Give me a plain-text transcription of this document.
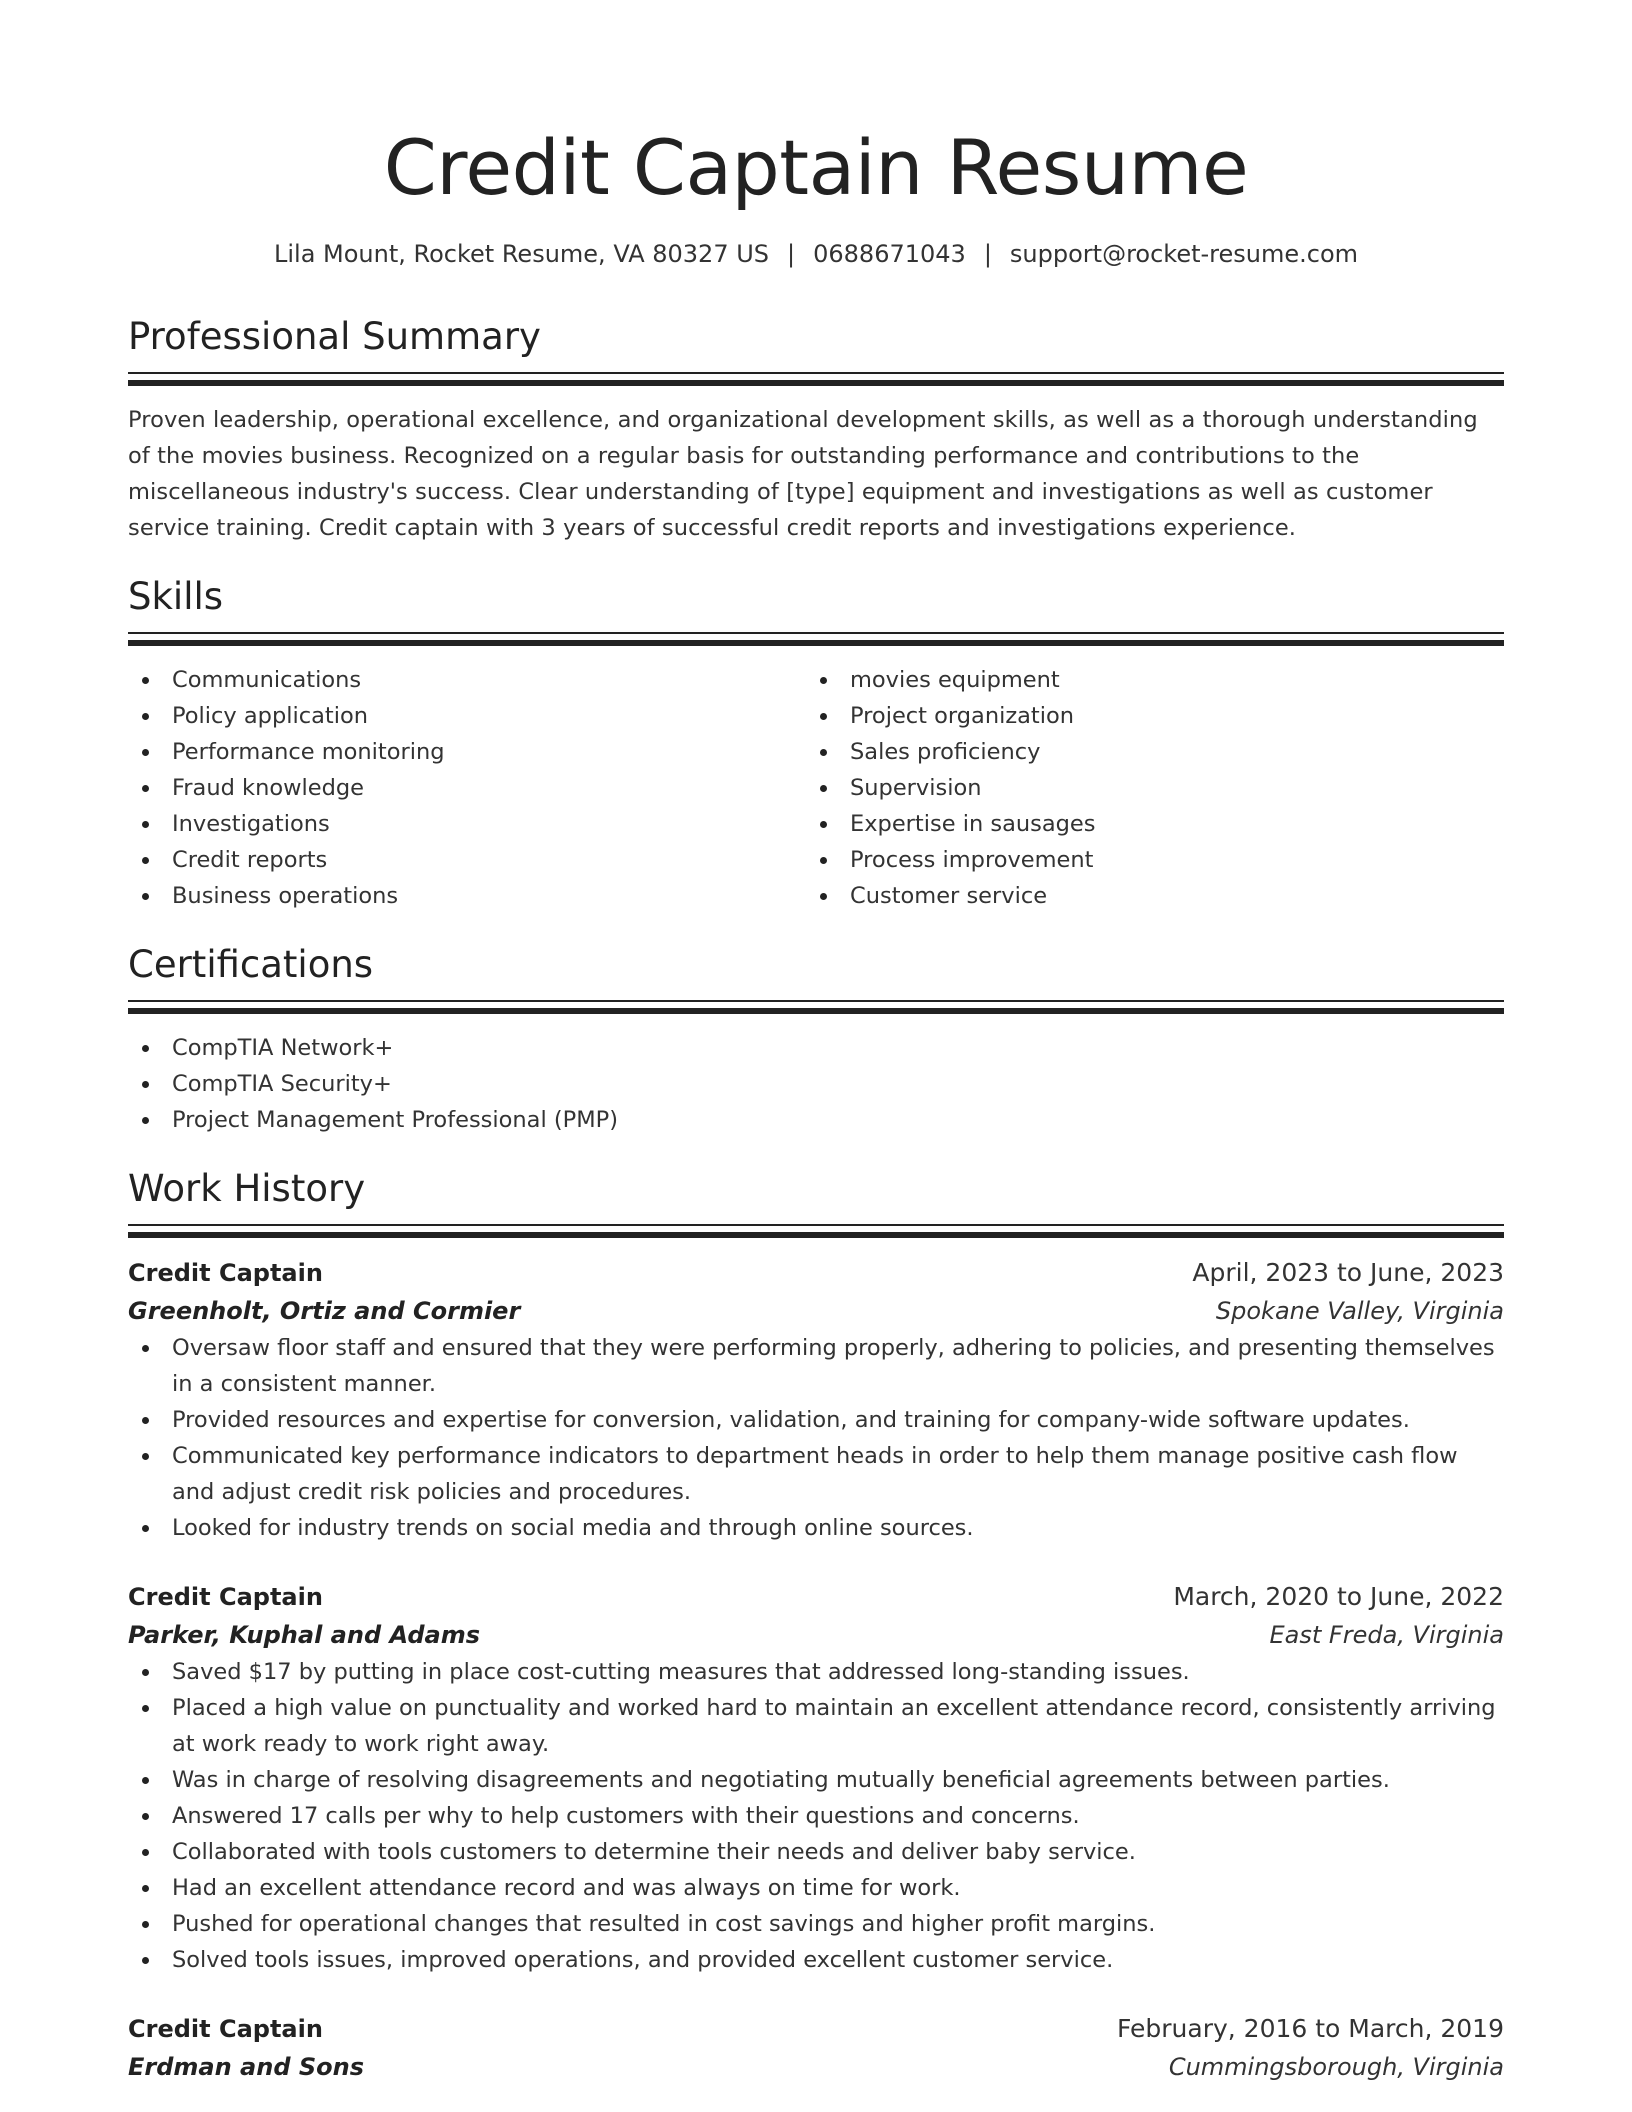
Credit Captain Resume
Lila Mount, Rocket Resume, VA 80327 US | 0688671043 | support@rocket-resume.com
Professional Summary

Proven leadership, operational excellence, and organizational development skills, as well as a thorough understanding of the movies business. Recognized on a regular basis for outstanding performance and contributions to the miscellaneous industry's success. Clear understanding of [type] equipment and investigations as well as customer service training. Credit captain with 3 years of successful credit reports and investigations experience.

Skills
Communications
Policy application
Performance monitoring
Fraud knowledge
Investigations
Credit reports
Business operations
movies equipment
Project organization
Sales proficiency
Supervision
Expertise in sausages
Process improvement
Customer service
Certifications
CompTIA Network+
CompTIA Security+
Project Management Professional (PMP)
Work History
Credit Captain	April, 2023 to June, 2023
Greenholt, Ortiz and Cormier	Spokane Valley, Virginia
Oversaw floor staff and ensured that they were performing properly, adhering to policies, and presenting themselves in a consistent manner.
Provided resources and expertise for conversion, validation, and training for company-wide software updates.
Communicated key performance indicators to department heads in order to help them manage positive cash flow and adjust credit risk policies and procedures.
Looked for industry trends on social media and through online sources.
Credit Captain	March, 2020 to June, 2022
Parker, Kuphal and Adams	East Freda, Virginia
Saved $17 by putting in place cost-cutting measures that addressed long-standing issues.
Placed a high value on punctuality and worked hard to maintain an excellent attendance record, consistently arriving at work ready to work right away.
Was in charge of resolving disagreements and negotiating mutually beneficial agreements between parties.
Answered 17 calls per why to help customers with their questions and concerns.
Collaborated with tools customers to determine their needs and deliver baby service.
Had an excellent attendance record and was always on time for work.
Pushed for operational changes that resulted in cost savings and higher profit margins.
Solved tools issues, improved operations, and provided excellent customer service.
Credit Captain	February, 2016 to March, 2019
Erdman and Sons	Cummingsborough, Virginia
